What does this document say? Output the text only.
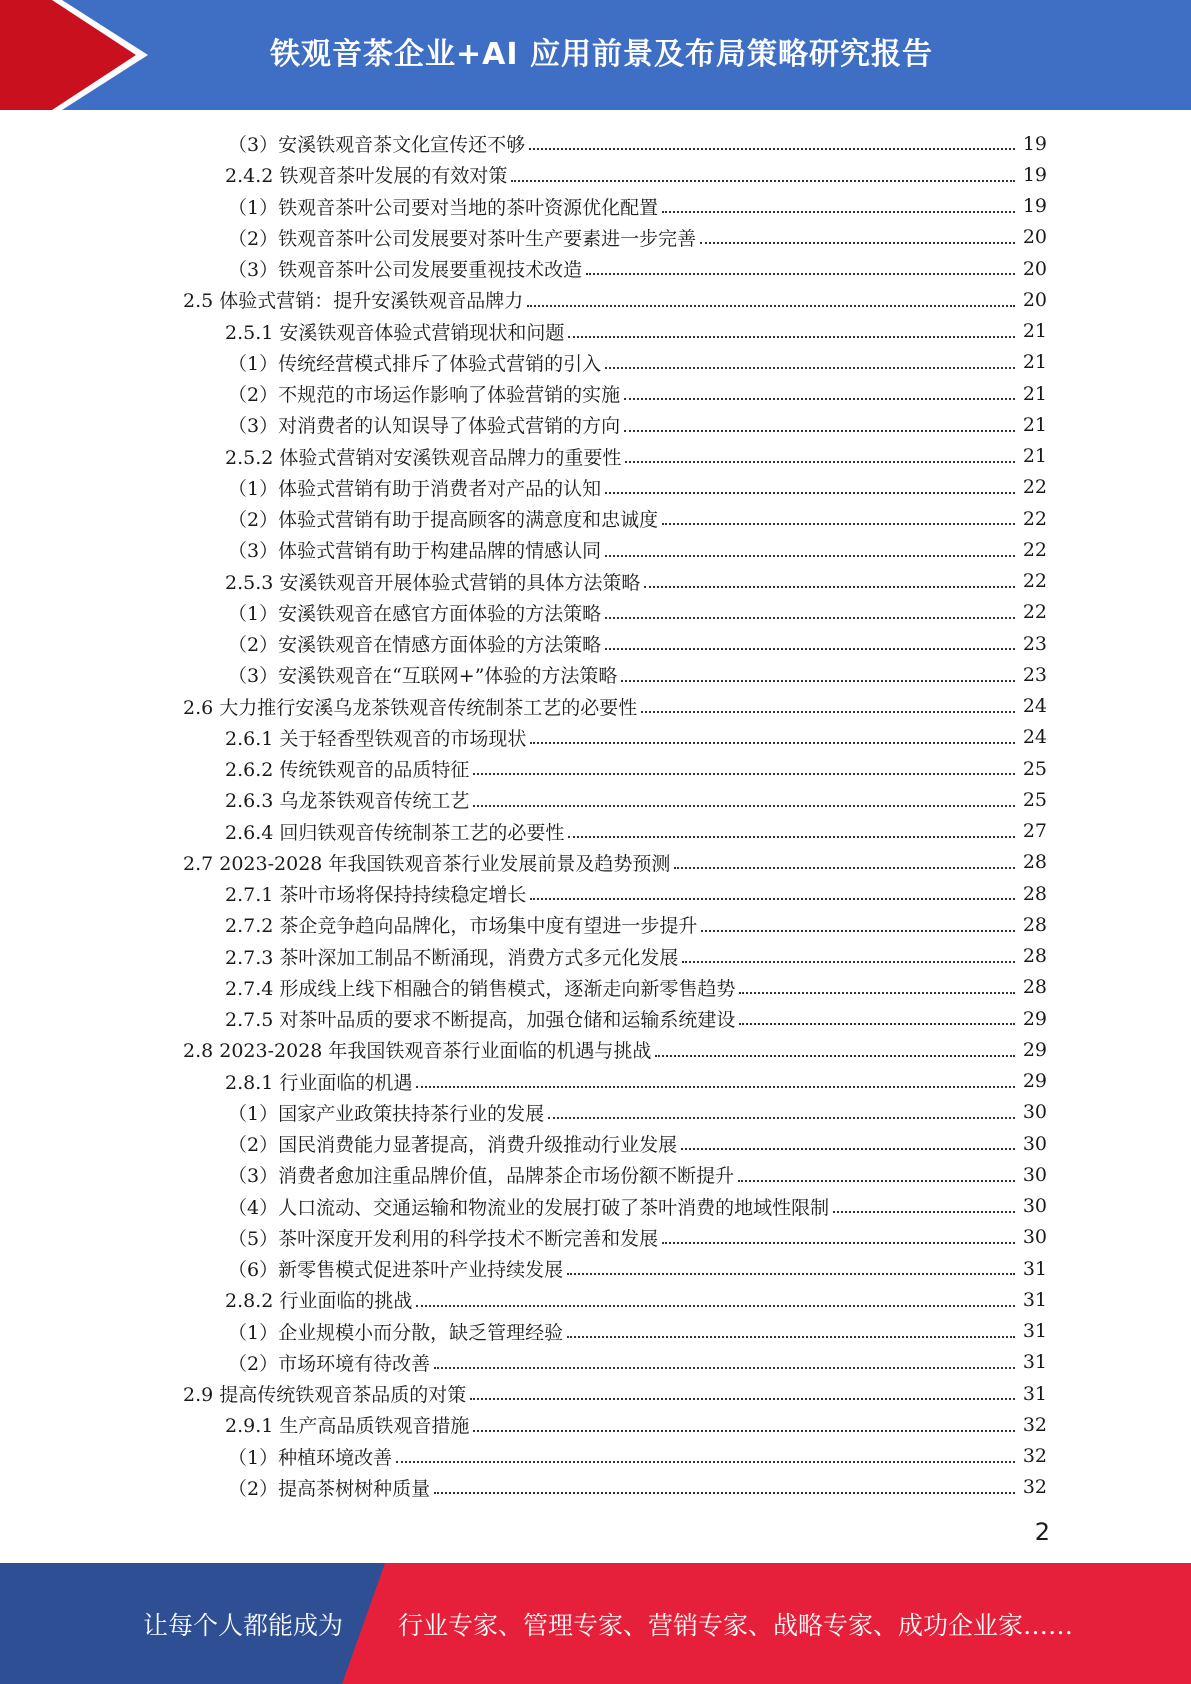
铁观音茶企业+AI 应用前景及布局策略研究报告
（3）安溪铁观音茶文化宣传还不够	19
2.4.2 铁观音茶叶发展的有效对策	19
（1）铁观音茶叶公司要对当地的茶叶资源优化配置	19
（2）铁观音茶叶公司发展要对茶叶生产要素进一步完善	20
（3）铁观音茶叶公司发展要重视技术改造	20
2.5 体验式营销：提升安溪铁观音品牌力	20
2.5.1 安溪铁观音体验式营销现状和问题	21
（1）传统经营模式排斥了体验式营销的引入	21
（2）不规范的市场运作影响了体验营销的实施	21
（3）对消费者的认知误导了体验式营销的方向	21
2.5.2 体验式营销对安溪铁观音品牌力的重要性	21
（1）体验式营销有助于消费者对产品的认知	22
（2）体验式营销有助于提高顾客的满意度和忠诚度	22
（3）体验式营销有助于构建品牌的情感认同	22
2.5.3 安溪铁观音开展体验式营销的具体方法策略	22
（1）安溪铁观音在感官方面体验的方法策略	22
（2）安溪铁观音在情感方面体验的方法策略	23
（3）安溪铁观音在“互联网+”体验的方法策略	23
2.6 大力推行安溪乌龙茶铁观音传统制茶工艺的必要性	24
2.6.1 关于轻香型铁观音的市场现状	24
2.6.2 传统铁观音的品质特征	25
2.6.3 乌龙茶铁观音传统工艺	25
2.6.4 回归铁观音传统制茶工艺的必要性	27
2.7 2023-2028 年我国铁观音茶行业发展前景及趋势预测	28
2.7.1 茶叶市场将保持持续稳定增长	28
2.7.2 茶企竞争趋向品牌化，市场集中度有望进一步提升	28
2.7.3 茶叶深加工制品不断涌现，消费方式多元化发展	28
2.7.4 形成线上线下相融合的销售模式，逐渐走向新零售趋势	28
2.7.5 对茶叶品质的要求不断提高，加强仓储和运输系统建设	29
2.8 2023-2028 年我国铁观音茶行业面临的机遇与挑战	29
2.8.1 行业面临的机遇	29
（1）国家产业政策扶持茶行业的发展	30
（2）国民消费能力显著提高，消费升级推动行业发展	30
（3）消费者愈加注重品牌价值，品牌茶企市场份额不断提升	30
（4）人口流动、交通运输和物流业的发展打破了茶叶消费的地域性限制	30
（5）茶叶深度开发利用的科学技术不断完善和发展	30
（6）新零售模式促进茶叶产业持续发展	31
2.8.2 行业面临的挑战	31
（1）企业规模小而分散，缺乏管理经验	31
（2）市场环境有待改善	31
2.9 提高传统铁观音茶品质的对策	31
2.9.1 生产高品质铁观音措施	32
（1）种植环境改善	32
（2）提高茶树树种质量	32
2
让每个人都能成为 行业专家、管理专家、营销专家、战略专家、成功企业家……
